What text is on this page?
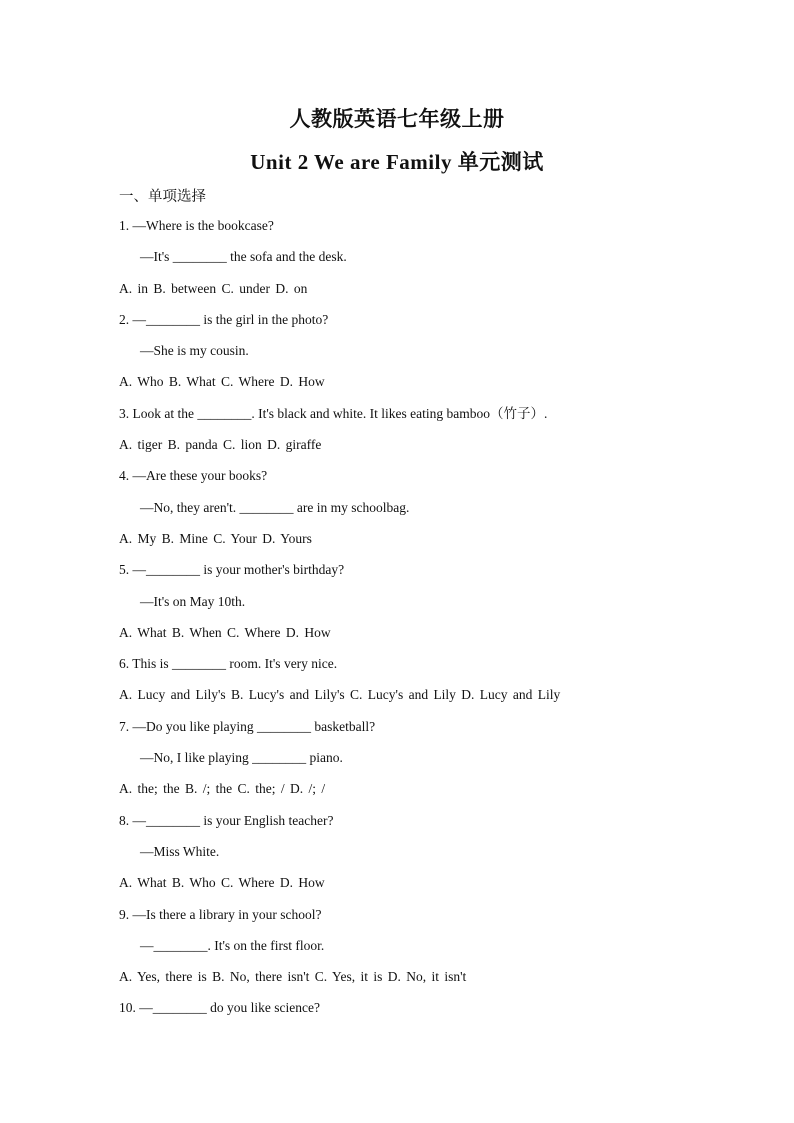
人教版英语七年级上册
Unit 2 We are Family 单元测试
一、单项选择
1. —Where is the bookcase?
—It's ________ the sofa and the desk.
A. in B. between C. under D. on
2. —________ is the girl in the photo?
—She is my cousin.
A. Who B. What C. Where D. How
3. Look at the ________. It's black and white. It likes eating bamboo（竹子）.
A. tiger B. panda C. lion D. giraffe
4. —Are these your books?
—No, they aren't. ________ are in my schoolbag.
A. My B. Mine C. Your D. Yours
5. —________ is your mother's birthday?
—It's on May 10th.
A. What B. When C. Where D. How
6. This is ________ room. It's very nice.
A. Lucy and Lily's B. Lucy's and Lily's C. Lucy's and Lily D. Lucy and Lily
7. —Do you like playing ________ basketball?
—No, I like playing ________ piano.
A. the; the B. /; the C. the; / D. /; /
8. —________ is your English teacher?
—Miss White.
A. What B. Who C. Where D. How
9. —Is there a library in your school?
—________. It's on the first floor.
A. Yes, there is B. No, there isn't C. Yes, it is D. No, it isn't
10. —________ do you like science?
